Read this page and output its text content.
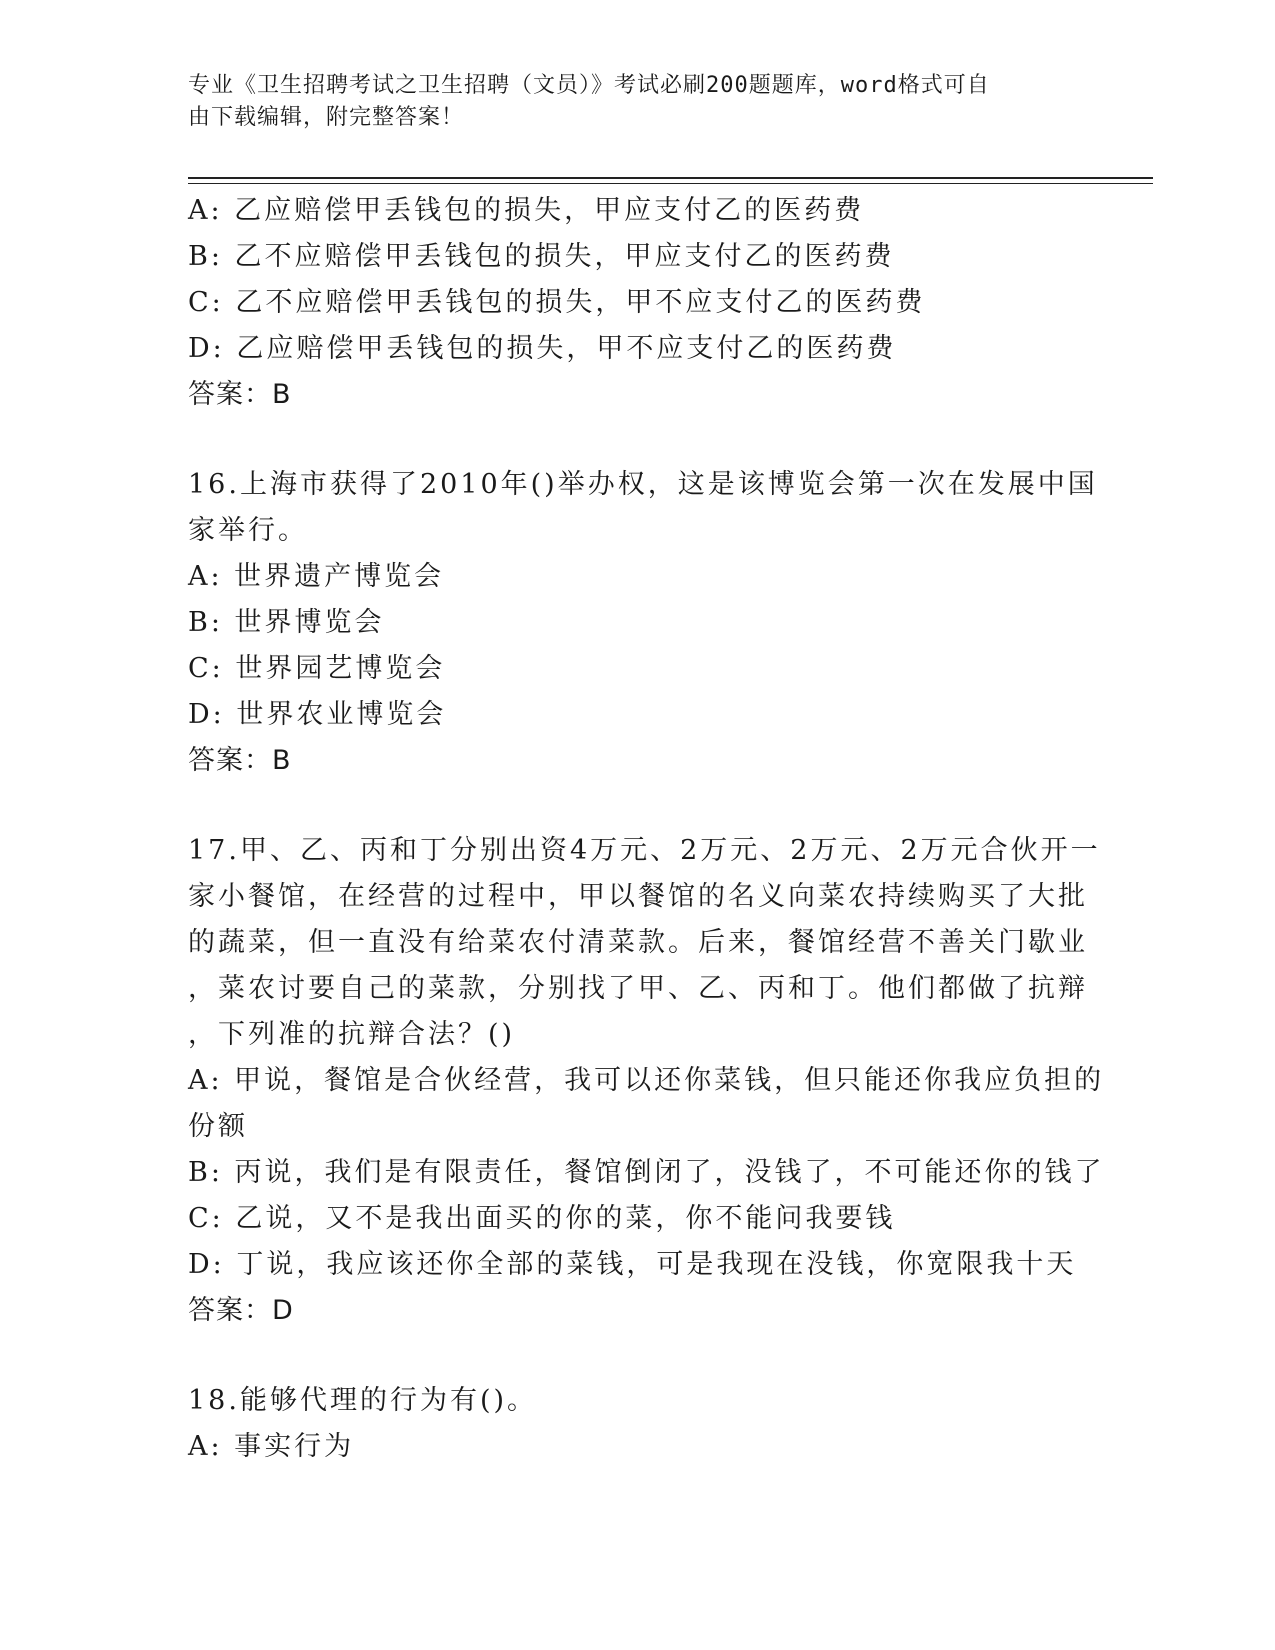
专业《卫生招聘考试之卫生招聘（文员）》考试必刷200题题库，word格式可自
由下载编辑，附完整答案！
A: 乙应赔偿甲丢钱包的损失，甲应支付乙的医药费
B: 乙不应赔偿甲丢钱包的损失，甲应支付乙的医药费
C: 乙不应赔偿甲丢钱包的损失，甲不应支付乙的医药费
D: 乙应赔偿甲丢钱包的损失，甲不应支付乙的医药费
答案：B
16.上海市获得了2010年()举办权，这是该博览会第一次在发展中国
家举行。
A: 世界遗产博览会
B: 世界博览会
C: 世界园艺博览会
D: 世界农业博览会
答案：B
17.甲、乙、丙和丁分别出资4万元、2万元、2万元、2万元合伙开一
家小餐馆，在经营的过程中，甲以餐馆的名义向菜农持续购买了大批
的蔬菜，但一直没有给菜农付清菜款。后来，餐馆经营不善关门歇业
，菜农讨要自己的菜款，分别找了甲、乙、丙和丁。他们都做了抗辩
，下列准的抗辩合法？()
A: 甲说，餐馆是合伙经营，我可以还你菜钱，但只能还你我应负担的
份额
B: 丙说，我们是有限责任，餐馆倒闭了，没钱了，不可能还你的钱了
C: 乙说，又不是我出面买的你的菜，你不能问我要钱
D: 丁说，我应该还你全部的菜钱，可是我现在没钱，你宽限我十天
答案：D
18.能够代理的行为有()。
A: 事实行为
